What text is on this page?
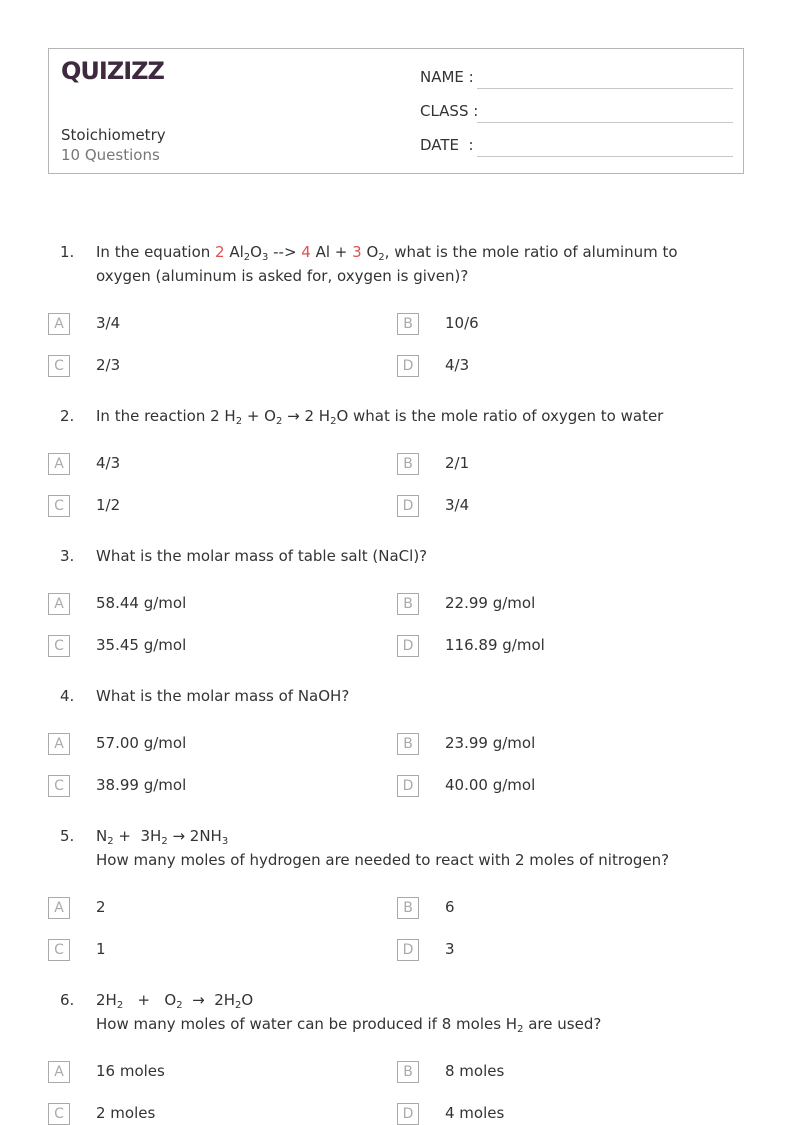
QUIZIZZ
Stoichiometry
10 Questions
NAME :
CLASS :
DATE  :
1. In the equation 2 $Al_2O_3$ --> 4 Al + 3 $O_2$, what is the mole ratio of aluminum to oxygen (aluminum is asked for, oxygen is given)?
A	3/4	B	10/6
C	2/3	D	4/3
2. In the reaction 2 $H_2 + O_2 \to 2$ $H_2O$ what is the mole ratio of oxygen to water
A	4/3	B	2/1
C	1/2	D	3/4
3. What is the molar mass of table salt (NaCl)?
A	58.44 g/mol	B	22.99 g/mol
C	35.45 g/mol	D	116.89 g/mol
4. What is the molar mass of NaOH?
A	57.00 g/mol	B	23.99 g/mol
C	38.99 g/mol	D	40.00 g/mol
5. $N_2 + 3H_2 \to 2NH_3$
How many moles of hydrogen are needed to react with 2 moles of nitrogen?
A	2	B	6
C	1	D	3
6. $2H_2 + O_2 \to 2H_2O$
How many moles of water can be produced if 8 moles $H_2$ are used?
A	16 moles	B	8 moles
C	2 moles	D	4 moles
